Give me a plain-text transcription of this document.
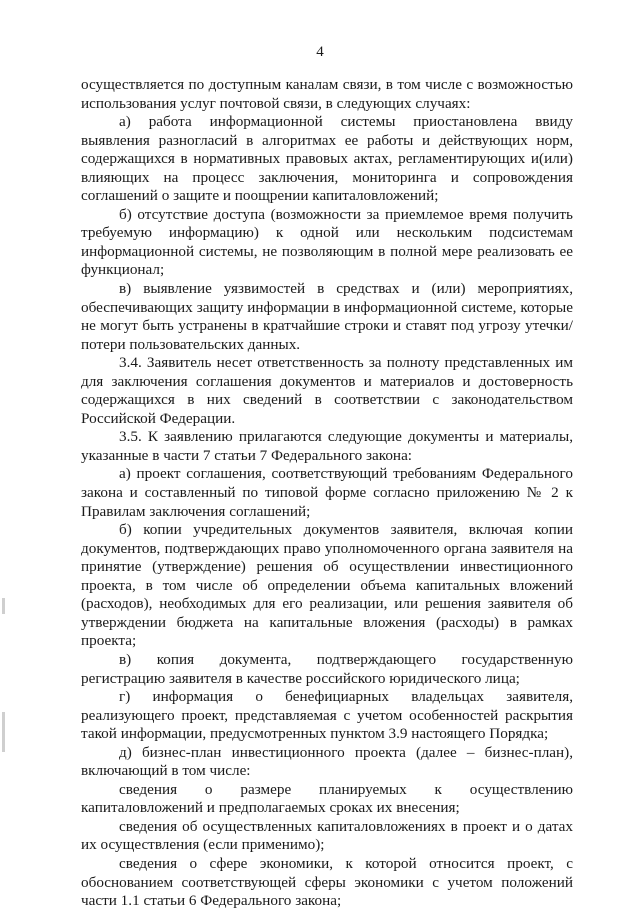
4

осуществляется по доступным каналам связи, в том числе с возможностью использования услуг почтовой связи, в следующих случаях:

а) работа информационной системы приостановлена ввиду выявления разногласий в алгоритмах ее работы и действующих норм, содержащихся в нормативных правовых актах, регламентирующих и(или) влияющих на процесс заключения, мониторинга и сопровождения соглашений о защите и поощрении капиталовложений;

б) отсутствие доступа (возможности за приемлемое время получить требуемую информацию) к одной или нескольким подсистемам информационной системы, не позволяющим в полной мере реализовать ее функционал;

в) выявление уязвимостей в средствах и (или) мероприятиях, обеспечивающих защиту информации в информационной системе, которые не могут быть устранены в кратчайшие строки и ставят под угрозу утечки/потери пользовательских данных.

3.4. Заявитель несет ответственность за полноту представленных им для заключения соглашения документов и материалов и достоверность содержащихся в них сведений в соответствии с законодательством Российской Федерации.

3.5. К заявлению прилагаются следующие документы и материалы, указанные в части 7 статьи 7 Федерального закона:

а) проект соглашения, соответствующий требованиям Федерального закона и составленный по типовой форме согласно приложению № 2 к Правилам заключения соглашений;

б) копии учредительных документов заявителя, включая копии документов, подтверждающих право уполномоченного органа заявителя на принятие (утверждение) решения об осуществлении инвестиционного проекта, в том числе об определении объема капитальных вложений (расходов), необходимых для его реализации, или решения заявителя об утверждении бюджета на капитальные вложения (расходы) в рамках проекта;

в) копия документа, подтверждающего государственную регистрацию заявителя в качестве российского юридического лица;

г) информация о бенефициарных владельцах заявителя, реализующего проект, представляемая с учетом особенностей раскрытия такой информации, предусмотренных пунктом 3.9 настоящего Порядка;

д) бизнес-план инвестиционного проекта (далее – бизнес-план), включающий в том числе:

сведения о размере планируемых к осуществлению капиталовложений и предполагаемых сроках их внесения;

сведения об осуществленных капиталовложениях в проект и о датах их осуществления (если применимо);

сведения о сфере экономики, к которой относится проект, с обоснованием соответствующей сферы экономики с учетом положений части 1.1 статьи 6 Федерального закона;
